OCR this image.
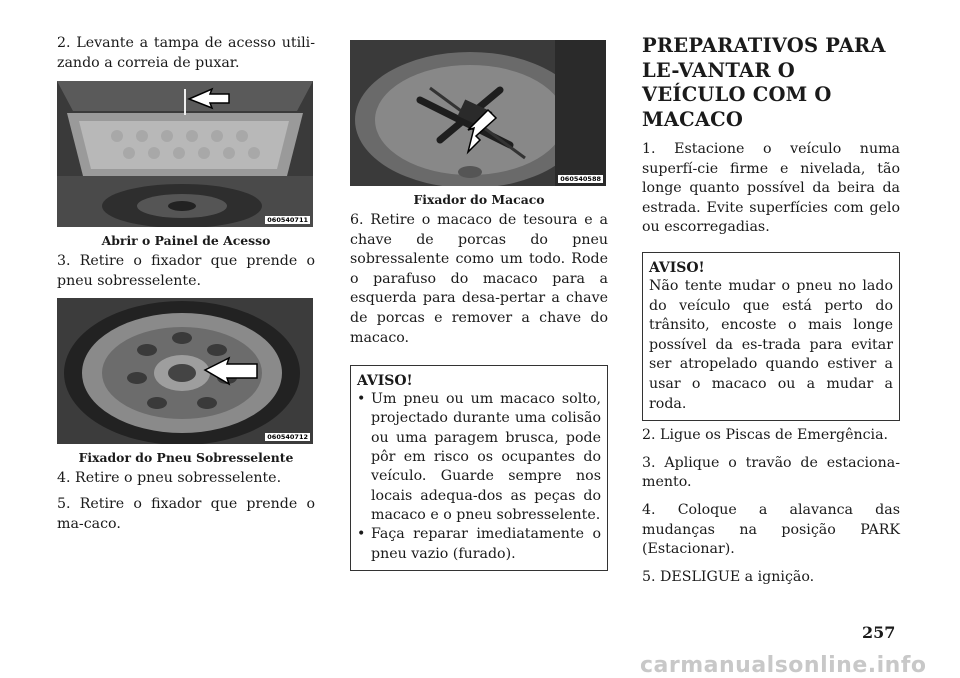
2. Levante a tampa de acesso utili-zando a correia de puxar.

060540711
Abrir o Painel de Acesso

3. Retire o fixador que prende o pneu sobresselente.

060540712
Fixador do Pneu Sobresselente

4. Retire o pneu sobresselente.

5. Retire o fixador que prende o ma-caco.

060540588
Fixador do Macaco

6. Retire o macaco de tesoura e a chave de porcas do pneu sobressalente como um todo. Rode o parafuso do macaco para a esquerda para desa-pertar a chave de porcas e remover a chave do macaco.

AVISO!

• Um pneu ou um macaco solto, projectado durante uma colisão ou uma paragem brusca, pode pôr em risco os ocupantes do veículo. Guarde sempre nos locais adequa-dos as peças do macaco e o pneu sobresselente.
• Faça reparar imediatamente o pneu vazio (furado).
PREPARATIVOS PARA LE-VANTAR O VEÍCULO COM O MACACO

1. Estacione o veículo numa superfí-cie firme e nivelada, tão longe quanto possível da beira da estrada. Evite superfícies com gelo ou escorregadias.

AVISO!

Não tente mudar o pneu no lado do veículo que está perto do trânsito, encoste o mais longe possível da es-trada para evitar ser atropelado quando estiver a usar o macaco ou a mudar a roda.

2. Ligue os Piscas de Emergência.

3. Aplique o travão de estaciona-mento.

4. Coloque a alavanca das mudanças na posição PARK (Estacionar).

5. DESLIGUE a ignição.

257
carmanualsonline.info
